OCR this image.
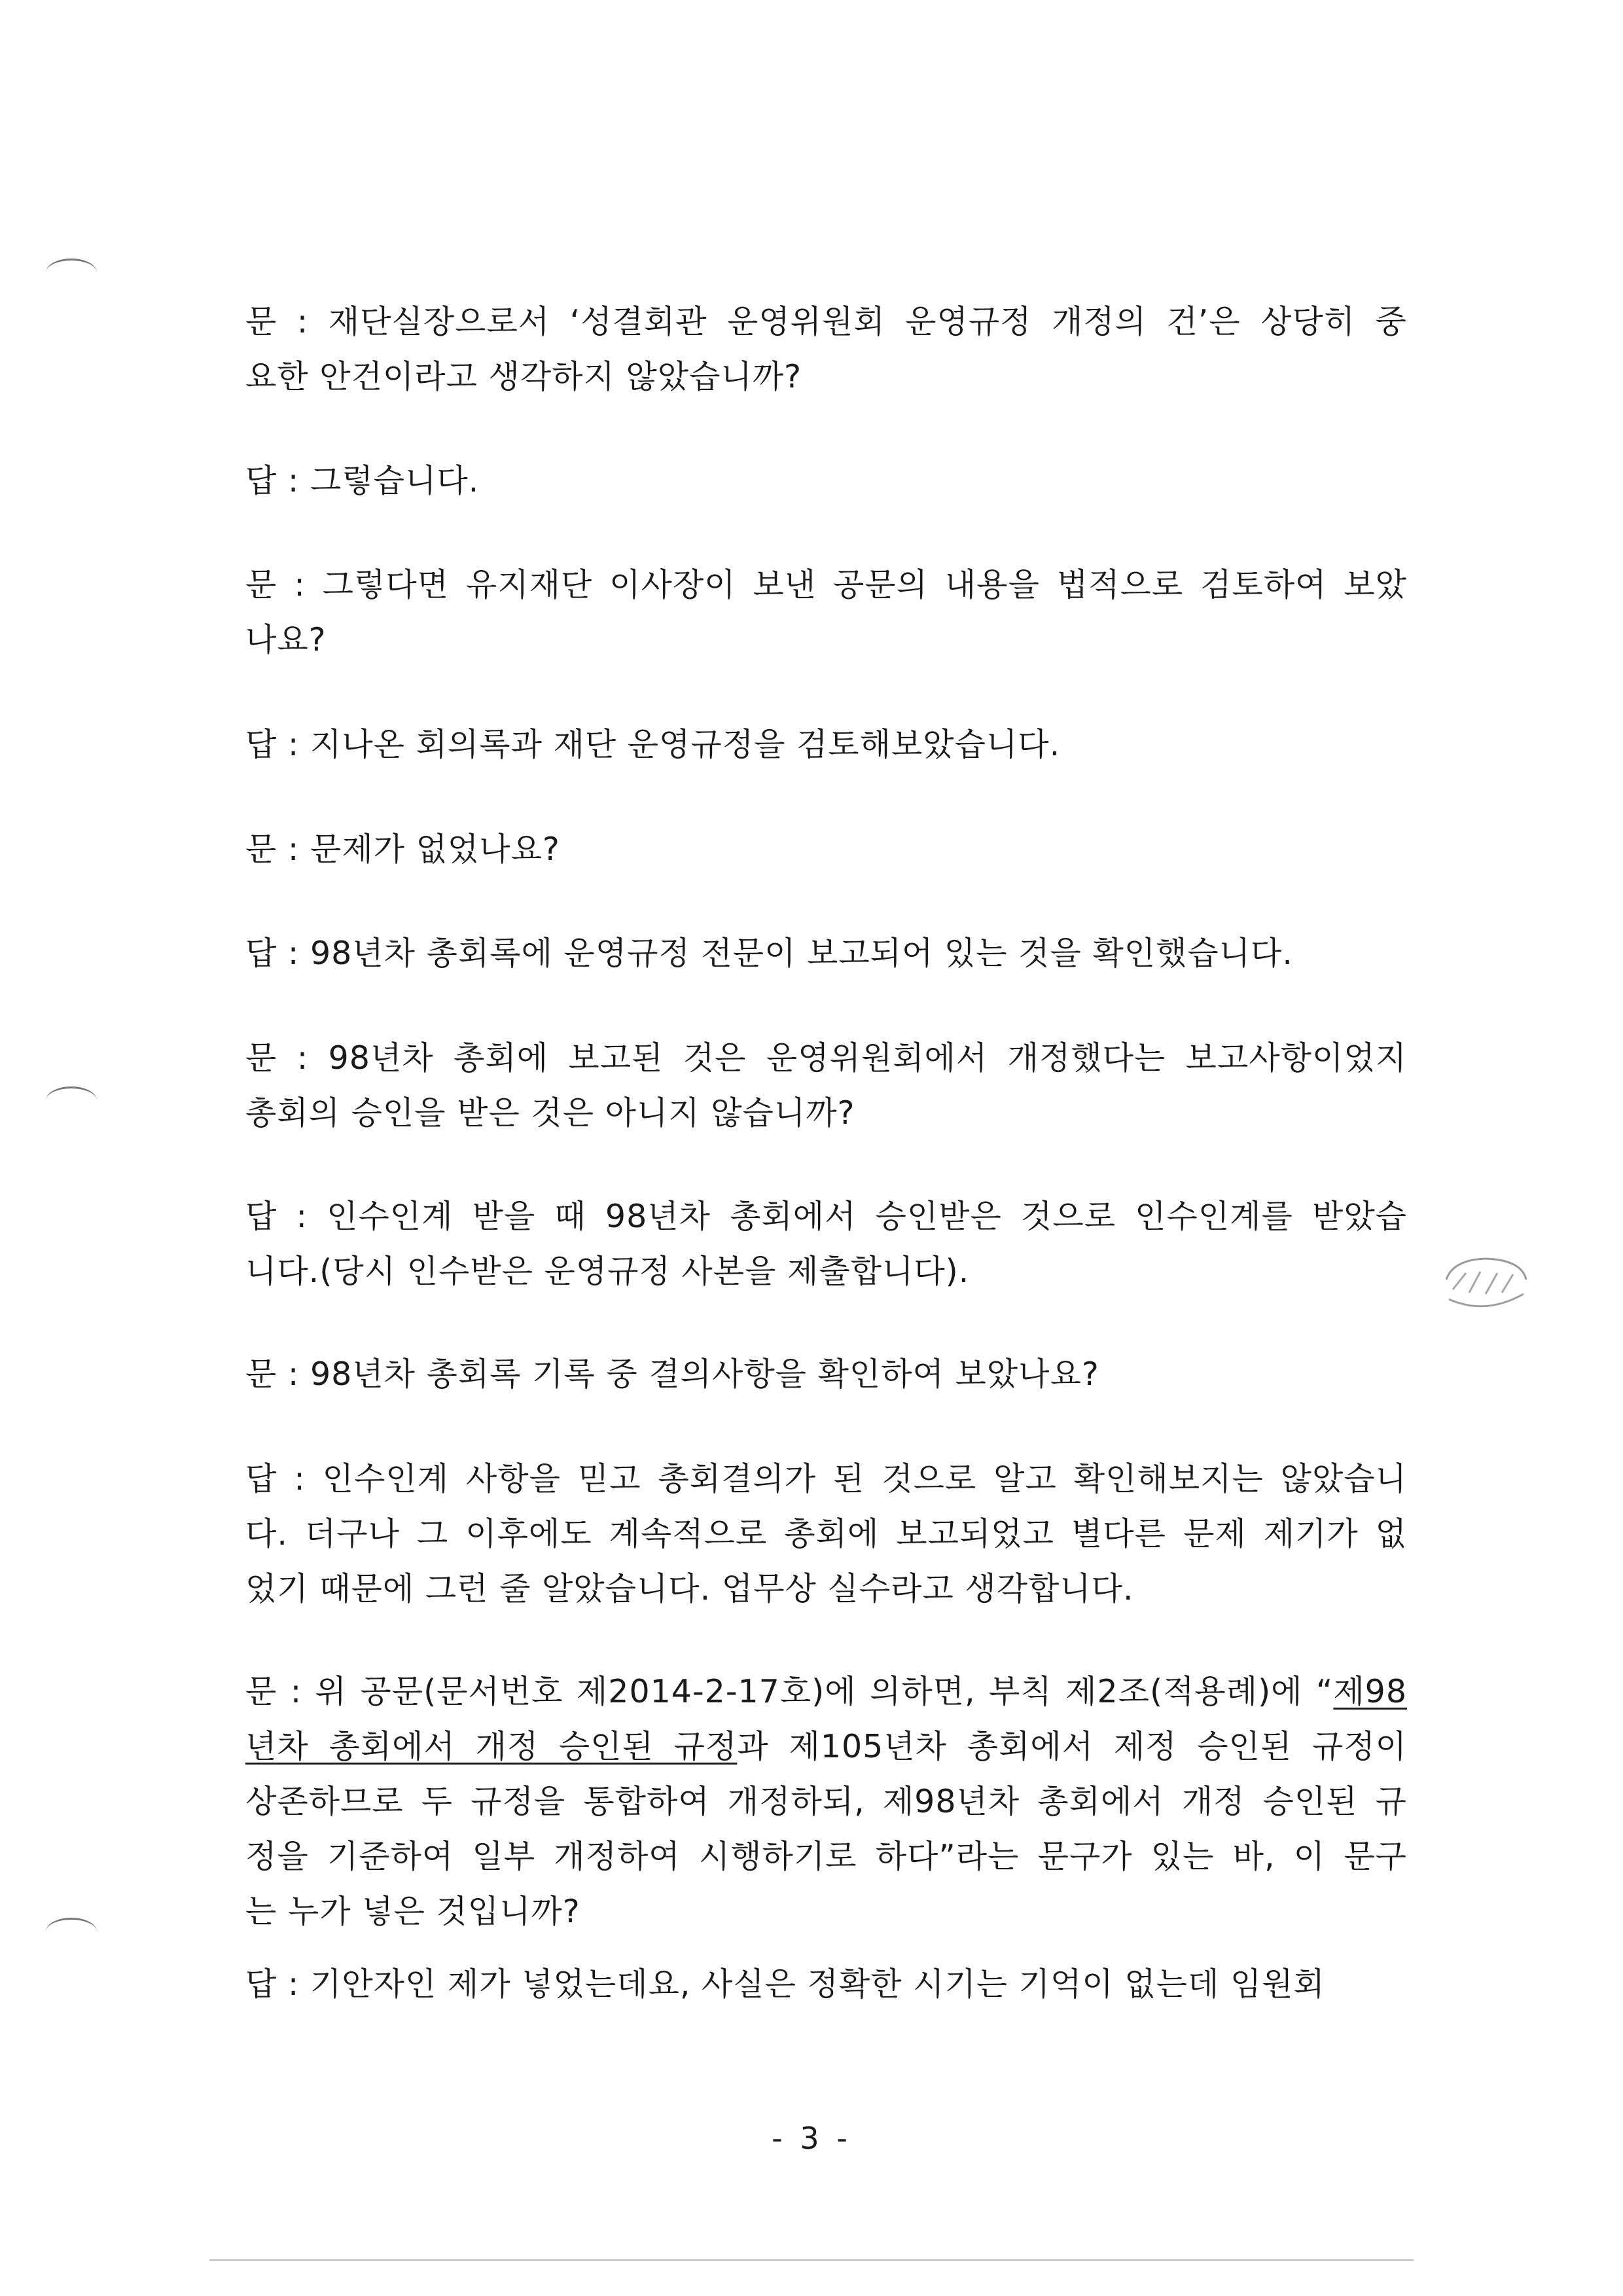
문 : 재단실장으로서 ‘성결회관 운영위원회 운영규정 개정의 건’은 상당히 중
요한 안건이라고 생각하지 않았습니까?

답 : 그렇습니다.

문 : 그렇다면 유지재단 이사장이 보낸 공문의 내용을 법적으로 검토하여 보았
나요?

답 : 지나온 회의록과 재단 운영규정을 검토해보았습니다.

문 : 문제가 없었나요?

답 : 98년차 총회록에 운영규정 전문이 보고되어 있는 것을 확인했습니다.

문 : 98년차 총회에 보고된 것은 운영위원회에서 개정했다는 보고사항이었지
총회의 승인을 받은 것은 아니지 않습니까?

답 : 인수인계 받을 때 98년차 총회에서 승인받은 것으로 인수인계를 받았습
니다.(당시 인수받은 운영규정 사본을 제출합니다).

문 : 98년차 총회록 기록 중 결의사항을 확인하여 보았나요?

답 : 인수인계 사항을 믿고 총회결의가 된 것으로 알고 확인해보지는 않았습니
다. 더구나 그 이후에도 계속적으로 총회에 보고되었고 별다른 문제 제기가 없
었기 때문에 그런 줄 알았습니다. 업무상 실수라고 생각합니다.

문 : 위 공문(문서번호 제2014-2-17호)에 의하면, 부칙 제2조(적용례)에 “제98
년차 총회에서 개정 승인된 규정과 제105년차 총회에서 제정 승인된 규정이
상존하므로 두 규정을 통합하여 개정하되, 제98년차 총회에서 개정 승인된 규
정을 기준하여 일부 개정하여 시행하기로 하다”라는 문구가 있는 바, 이 문구
는 누가 넣은 것입니까?

답 : 기안자인 제가 넣었는데요, 사실은 정확한 시기는 기억이 없는데 임원회

- 3 -
